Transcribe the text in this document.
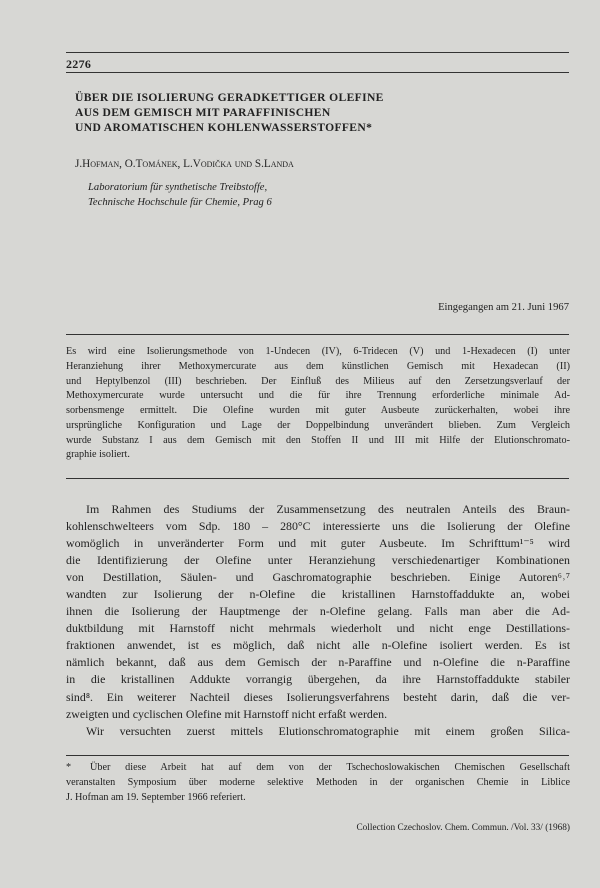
2276
ÜBER DIE ISOLIERUNG GERADKETTIGER OLEFINE
AUS DEM GEMISCH MIT PARAFFINISCHEN
UND AROMATISCHEN KOHLENWASSERSTOFFEN*
J.Hofman, O.Tománek, L.Vodička und S.Landa
Laboratorium für synthetische Treibstoffe,
Technische Hochschule für Chemie, Prag 6
Eingegangen am 21. Juni 1967
Es wird eine Isolierungsmethode von 1-Undecen (IV), 6-Tridecen (V) und 1-Hexadecen (I) unter
Heranziehung ihrer Methoxymercurate aus dem künstlichen Gemisch mit Hexadecan (II)
und Heptylbenzol (III) beschrieben. Der Einfluß des Milieus auf den Zersetzungsverlauf der
Methoxymercurate wurde untersucht und die für ihre Trennung erforderliche minimale Ad-
sorbensmenge ermittelt. Die Olefine wurden mit guter Ausbeute zurückerhalten, wobei ihre
ursprüngliche Konfiguration und Lage der Doppelbindung unverändert blieben. Zum Vergleich
wurde Substanz I aus dem Gemisch mit den Stoffen II und III mit Hilfe der Elutionschromato-
graphie isoliert.
Im Rahmen des Studiums der Zusammensetzung des neutralen Anteils des Braun-
kohlenschwelteers vom Sdp. 180 – 280°C interessierte uns die Isolierung der Olefine
womöglich in unveränderter Form und mit guter Ausbeute. Im Schrifttum¹⁻⁵ wird
die Identifizierung der Olefine unter Heranziehung verschiedenartiger Kombinationen
von Destillation, Säulen- und Gaschromatographie beschrieben. Einige Autoren⁶˒⁷
wandten zur Isolierung der n-Olefine die kristallinen Harnstoffaddukte an, wobei
ihnen die Isolierung der Hauptmenge der n-Olefine gelang. Falls man aber die Ad-
duktbildung mit Harnstoff nicht mehrmals wiederholt und nicht enge Destillations-
fraktionen anwendet, ist es möglich, daß nicht alle n-Olefine isoliert werden. Es ist
nämlich bekannt, daß aus dem Gemisch der n-Paraffine und n-Olefine die n-Paraffine
in die kristallinen Addukte vorrangig übergehen, da ihre Harnstoffaddukte stabiler
sind⁸. Ein weiterer Nachteil dieses Isolierungsverfahrens besteht darin, daß die ver-
zweigten und cyclischen Olefine mit Harnstoff nicht erfaßt werden.
Wir versuchten zuerst mittels Elutionschromatographie mit einem großen Silica-
* Über diese Arbeit hat auf dem von der Tschechoslowakischen Chemischen Gesellschaft
veranstalten Symposium über moderne selektive Methoden in der organischen Chemie in Liblice
J. Hofman am 19. September 1966 referiert.
Collection Czechoslov. Chem. Commun. /Vol. 33/ (1968)
